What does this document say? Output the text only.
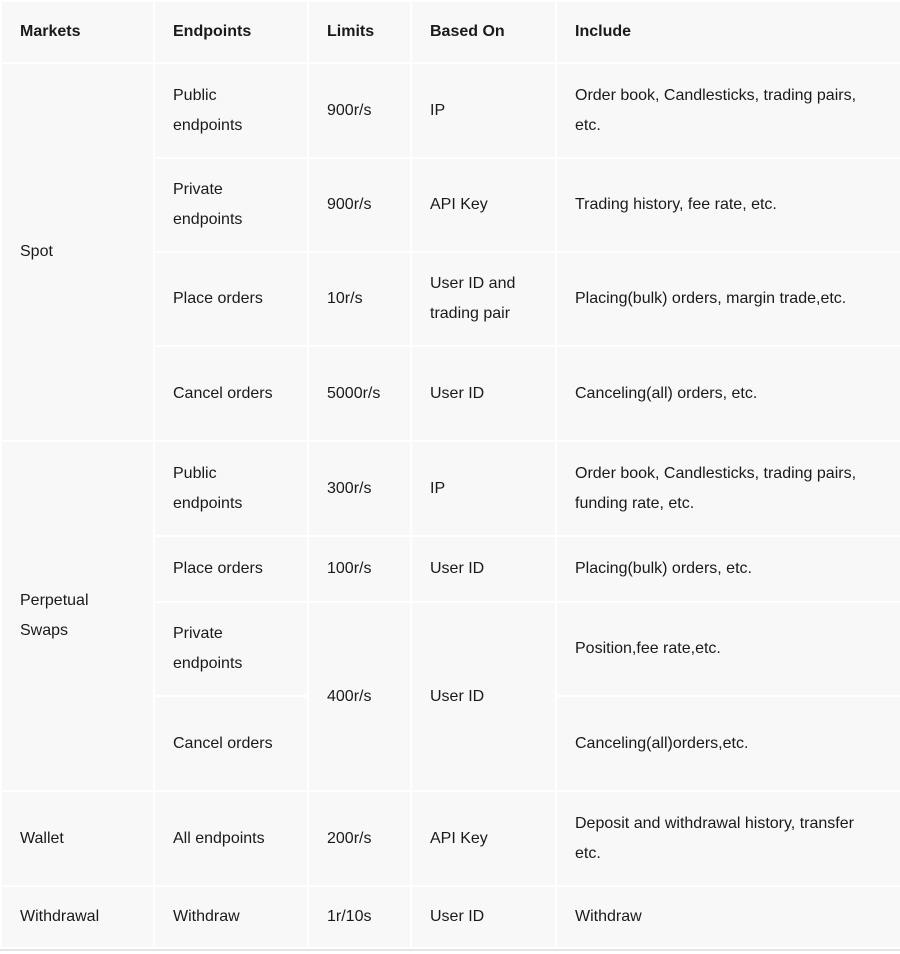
Markets	Endpoints	Limits	Based On	Include
Spot	Public endpoints	900r/s	IP	Order book, Candlesticks, trading pairs, etc.
	Private endpoints	900r/s	API Key	Trading history, fee rate, etc.
	Place orders	10r/s	User ID and trading pair	Placing(bulk) orders, margin trade,etc.
	Cancel orders	5000r/s	User ID	Canceling(all) orders, etc.
Perpetual Swaps	Public endpoints	300r/s	IP	Order book, Candlesticks, trading pairs, funding rate, etc.
	Place orders	100r/s	User ID	Placing(bulk) orders, etc.
	Private endpoints	400r/s	User ID	Position,fee rate,etc.
	Cancel orders			Canceling(all)orders,etc.
Wallet	All endpoints	200r/s	API Key	Deposit and withdrawal history, transfer etc.
Withdrawal	Withdraw	1r/10s	User ID	Withdraw
